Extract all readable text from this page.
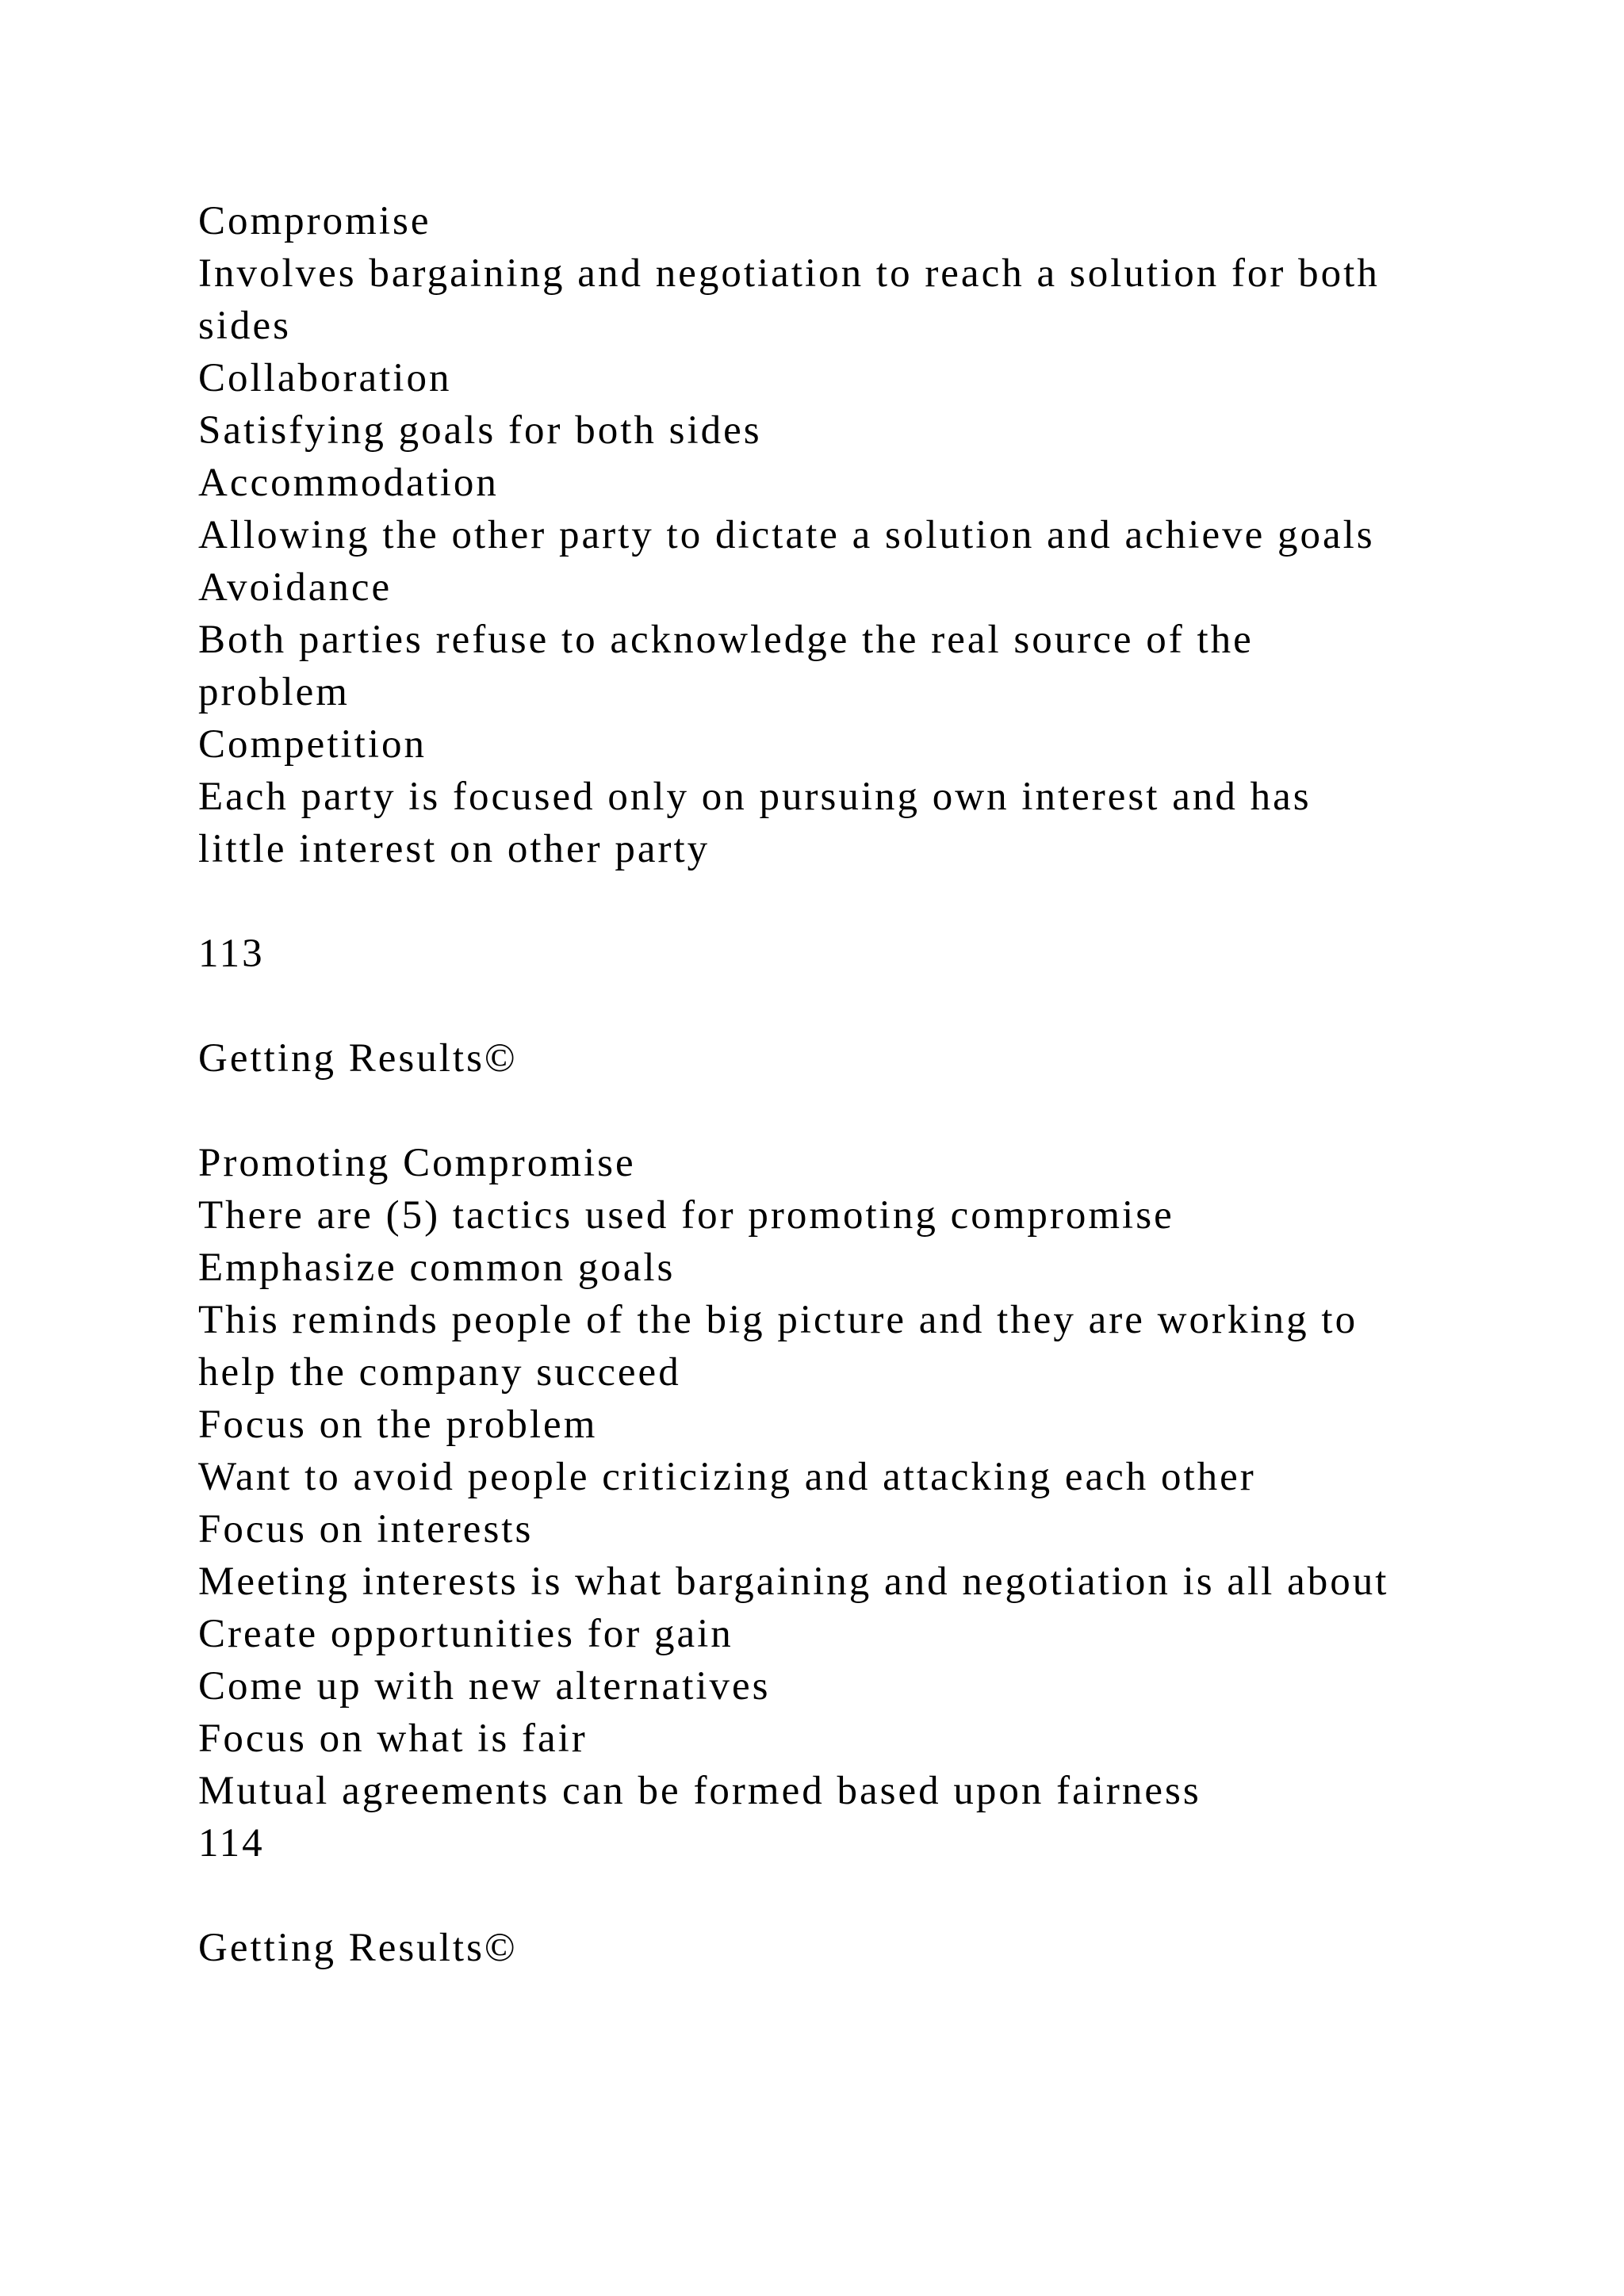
Compromise
Involves bargaining and negotiation to reach a solution for both
sides
Collaboration
Satisfying goals for both sides
Accommodation
Allowing the other party to dictate a solution and achieve goals
Avoidance
Both parties refuse to acknowledge the real source of the
problem
Competition
Each party is focused only on pursuing own interest and has
little interest on other party
113
Getting Results©
Promoting Compromise
There are (5) tactics used for promoting compromise
Emphasize common goals
This reminds people of the big picture and they are working to
help the company succeed
Focus on the problem
Want to avoid people criticizing and attacking each other
Focus on interests
Meeting interests is what bargaining and negotiation is all about
Create opportunities for gain
Come up with new alternatives
Focus on what is fair
Mutual agreements can be formed based upon fairness
114
Getting Results©
